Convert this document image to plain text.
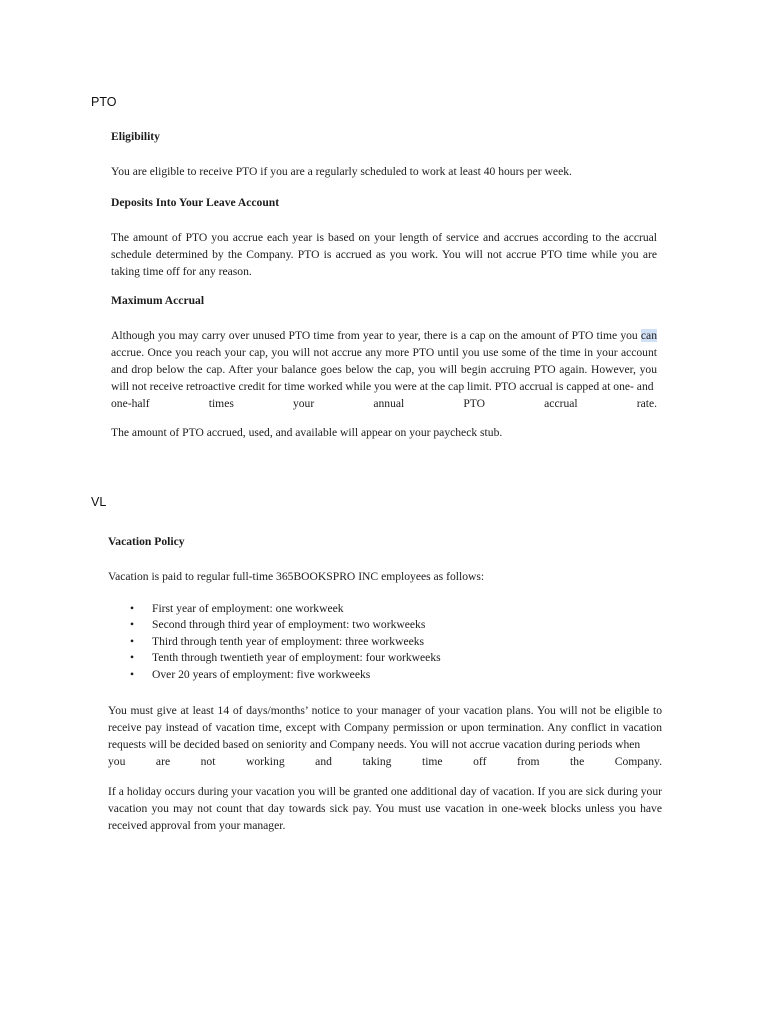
PTO
Eligibility

You are eligible to receive PTO if you are a regularly scheduled to work at least 40 hours per week.

Deposits Into Your Leave Account

The amount of PTO you accrue each year is based on your length of service and accrues according to the accrual schedule determined by the Company. PTO is accrued as you work. You will not accrue PTO time while you are taking time off for any reason.

Maximum Accrual

Although you may carry over unused PTO time from year to year, there is a cap on the amount of PTO time you can accrue. Once you reach your cap, you will not accrue any more PTO until you use some of the time in your account and drop below the cap. After your balance goes below the cap, you will begin accruing PTO again. However, you will not receive retroactive credit for time worked while you were at the cap limit. PTO accrual is capped at one- and

one-half times your annual PTO accrual rate.

The amount of PTO accrued, used, and available will appear on your paycheck stub.

VL
Vacation Policy

Vacation is paid to regular full-time 365BOOKSPRO INC employees as follows:

• First year of employment: one workweek
• Second through third year of employment: two workweeks
• Third through tenth year of employment: three workweeks
• Tenth through twentieth year of employment: four workweeks
• Over 20 years of employment: five workweeks

You must give at least 14 of days/months’ notice to your manager of your vacation plans. You will not be eligible to receive pay instead of vacation time, except with Company permission or upon termination. Any conflict in vacation requests will be decided based on seniority and Company needs. You will not accrue vacation during periods when

you are not working and taking time off from the Company.

If a holiday occurs during your vacation you will be granted one additional day of vacation. If you are sick during your vacation you may not count that day towards sick pay. You must use vacation in one-week blocks unless you have received approval from your manager.
